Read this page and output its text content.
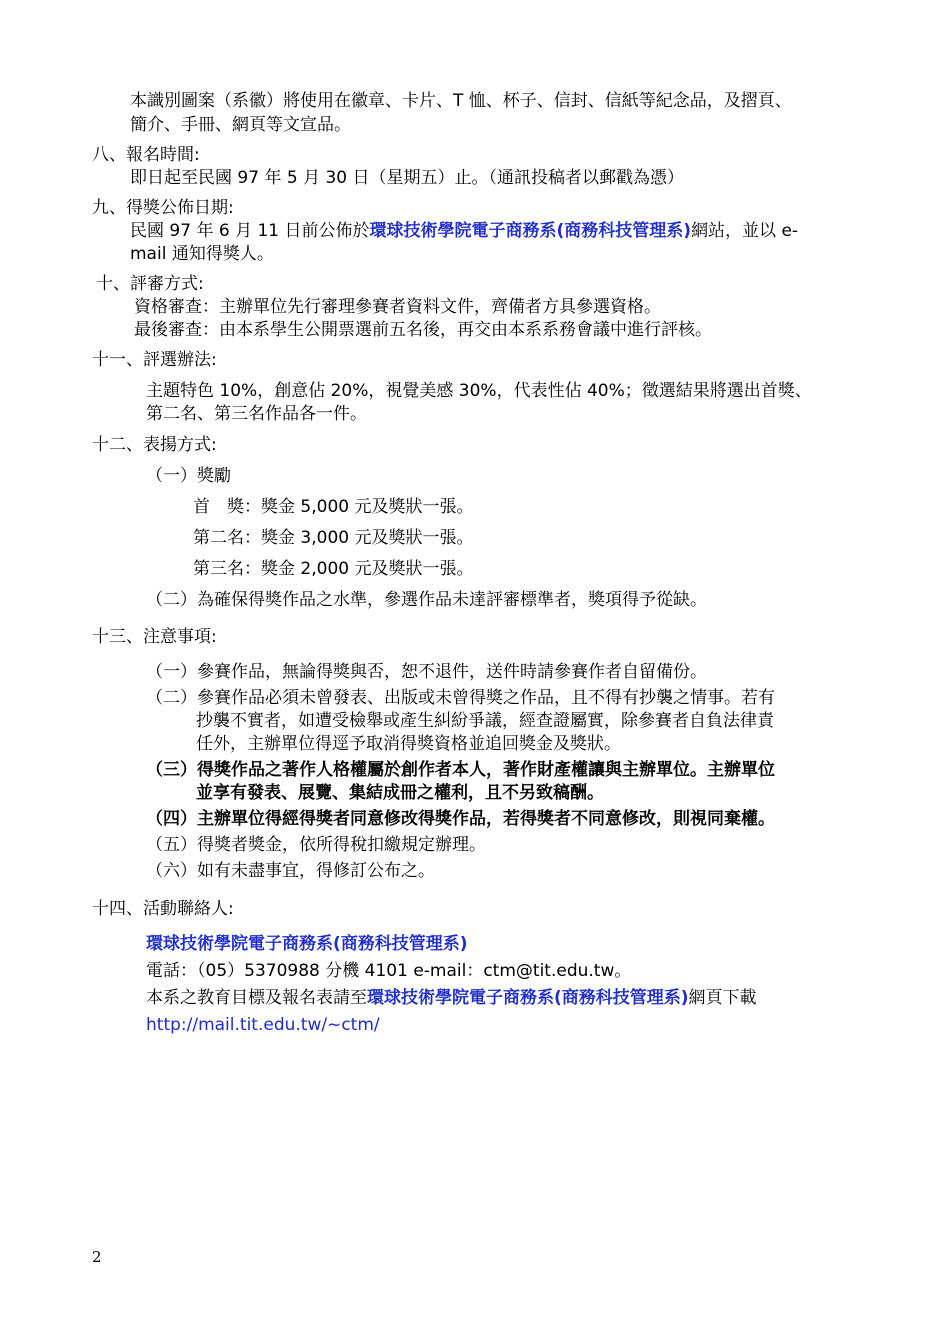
本識別圖案（系徽）將使用在徽章、卡片、T 恤、杯子、信封、信紙等紀念品，及摺頁、
簡介、手冊、網頁等文宣品。
八、報名時間:
即日起至民國 97 年 5 月 30 日（星期五）止。（通訊投稿者以郵戳為憑）
九、得獎公佈日期:
民國 97 年 6 月 11 日前公佈於環球技術學院電子商務系(商務科技管理系)網站，並以 e-
mail 通知得獎人。
十、評審方式:
資格審查：主辦單位先行審理參賽者資料文件，齊備者方具參選資格。
最後審查：由本系學生公開票選前五名後，再交由本系系務會議中進行評核。
十一、評選辦法:
主題特色 10%，創意佔 20%，視覺美感 30%，代表性佔 40%；徵選結果將選出首獎、
第二名、第三名作品各一件。
十二、表揚方式:
（一）獎勵
首　獎：獎金 5,000 元及獎狀一張。
第二名：獎金 3,000 元及獎狀一張。
第三名：獎金 2,000 元及獎狀一張。
（二）為確保得獎作品之水準，參選作品未達評審標準者，獎項得予從缺。
十三、注意事項:
（一）參賽作品，無論得獎與否，恕不退件，送件時請參賽作者自留備份。
（二）參賽作品必須未曾發表、出版或未曾得獎之作品，且不得有抄襲之情事。若有
抄襲不實者，如遭受檢舉或產生糾紛爭議，經查證屬實，除參賽者自負法律責
任外，主辦單位得逕予取消得獎資格並追回獎金及獎狀。
（三）得獎作品之著作人格權屬於創作者本人，著作財產權讓與主辦單位。主辦單位
並享有發表、展覽、集結成冊之權利，且不另致稿酬。
（四）主辦單位得經得獎者同意修改得獎作品，若得獎者不同意修改，則視同棄權。
（五）得獎者獎金，依所得稅扣繳規定辦理。
（六）如有未盡事宜，得修訂公布之。
十四、活動聯絡人:
環球技術學院電子商務系(商務科技管理系)
電話：（05）5370988 分機 4101 e-mail：ctm@tit.edu.tw。
本系之教育目標及報名表請至環球技術學院電子商務系(商務科技管理系)網頁下載
http://mail.tit.edu.tw/~ctm/
2
